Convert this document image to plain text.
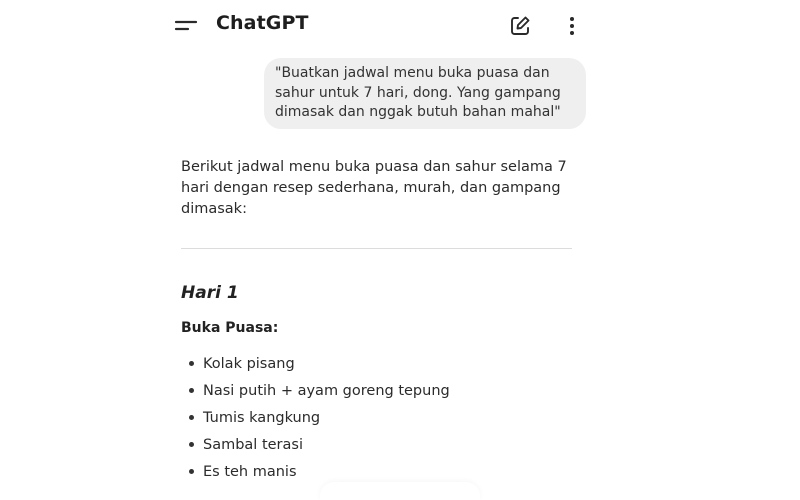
ChatGPT
"Buatkan jadwal menu buka puasa dan sahur untuk 7 hari, dong. Yang gampang dimasak dan nggak butuh bahan mahal"
Berikut jadwal menu buka puasa dan sahur selama 7 hari dengan resep sederhana, murah, dan gampang dimasak:
Hari 1
Buka Puasa:
Kolak pisang
Nasi putih + ayam goreng tepung
Tumis kangkung
Sambal terasi
Es teh manis
